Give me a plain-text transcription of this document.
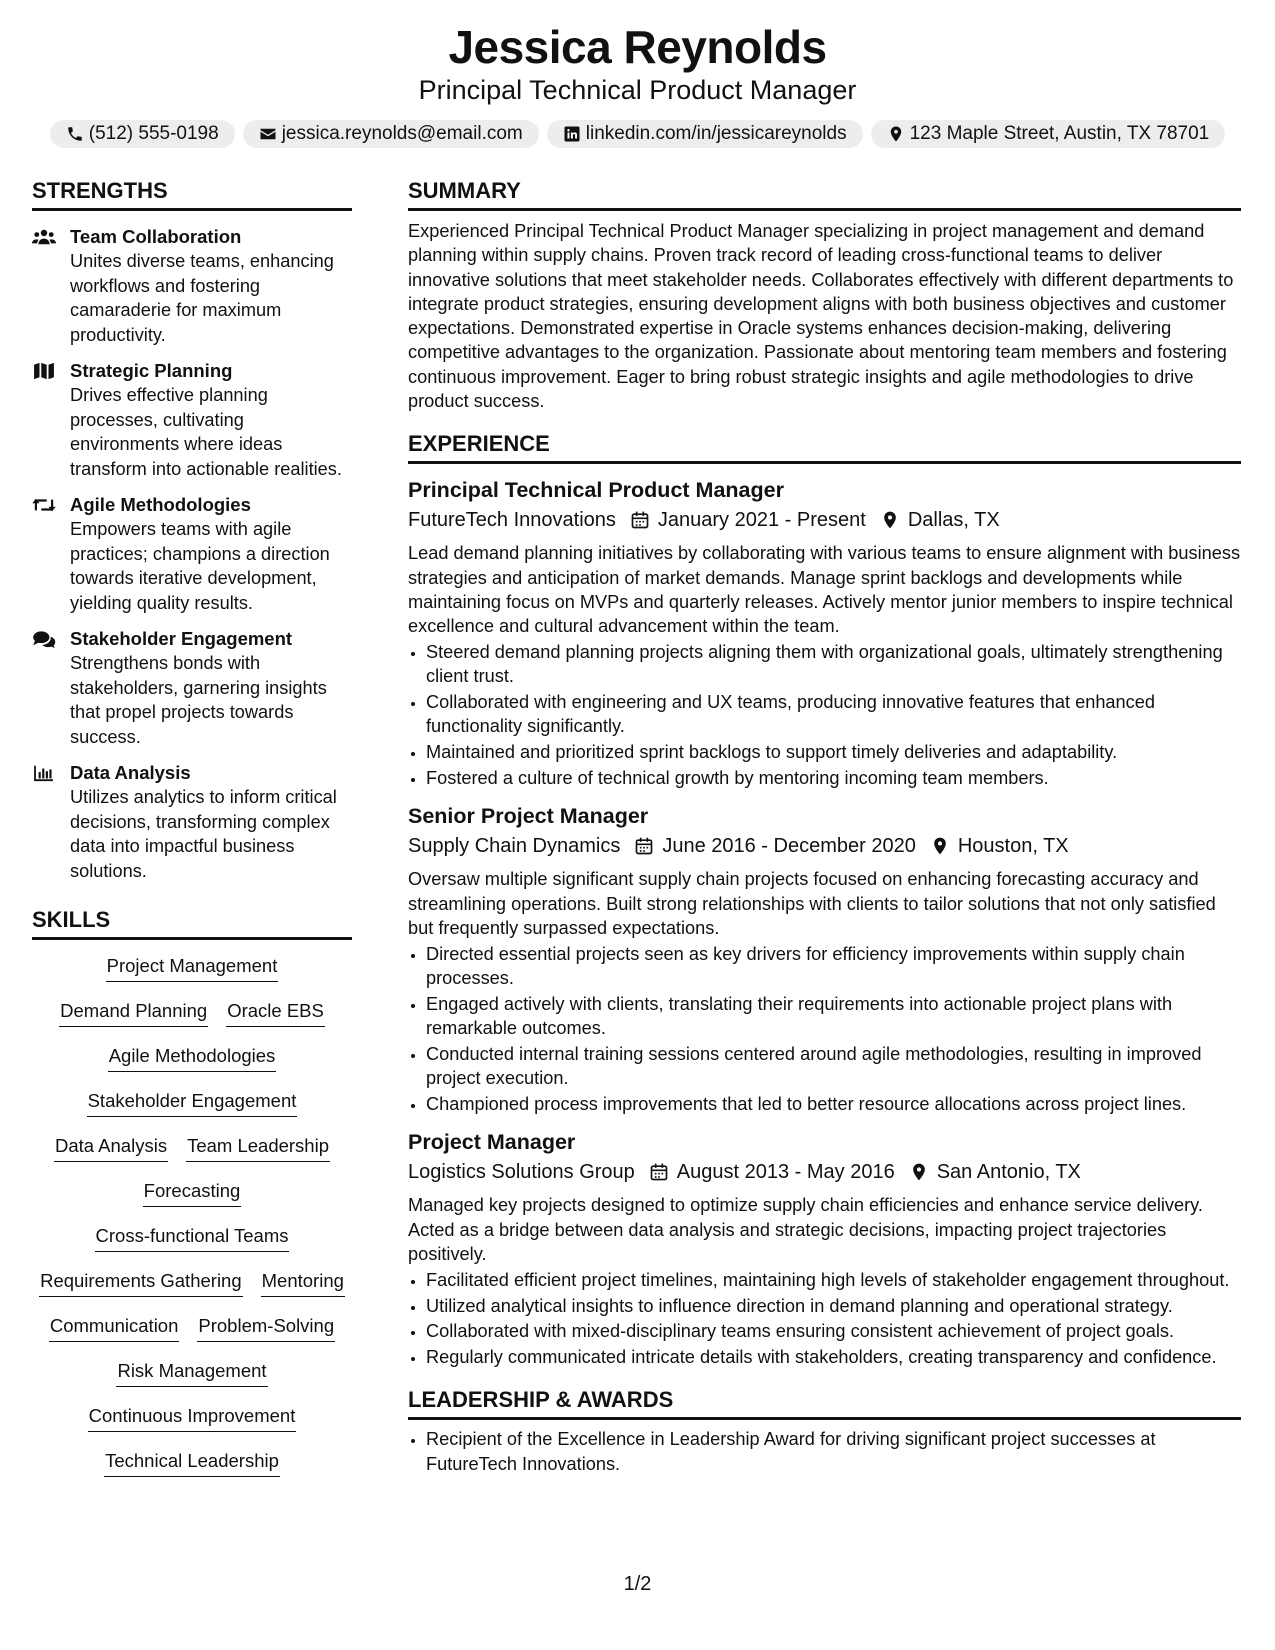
Jessica Reynolds
Principal Technical Product Manager
(512) 555-0198	jessica.reynolds@email.com	linkedin.com/in/jessicareynolds	123 Maple Street, Austin, TX 78701
STRENGTHS
Team Collaboration
Unites diverse teams, enhancing workflows and fostering camaraderie for maximum productivity.
Strategic Planning
Drives effective planning processes, cultivating environments where ideas transform into actionable realities.
Agile Methodologies
Empowers teams with agile practices; champions a direction towards iterative development, yielding quality results.
Stakeholder Engagement
Strengthens bonds with stakeholders, garnering insights that propel projects towards success.
Data Analysis
Utilizes analytics to inform critical decisions, transforming complex data into impactful business solutions.
SKILLS
Project Management
Demand Planning Oracle EBS
Agile Methodologies
Stakeholder Engagement
Data Analysis Team Leadership
Forecasting
Cross-functional Teams
Requirements Gathering Mentoring
Communication Problem-Solving
Risk Management
Continuous Improvement
Technical Leadership
SUMMARY
Experienced Principal Technical Product Manager specializing in project management and demand planning within supply chains. Proven track record of leading cross-functional teams to deliver innovative solutions that meet stakeholder needs. Collaborates effectively with different departments to integrate product strategies, ensuring development aligns with both business objectives and customer expectations. Demonstrated expertise in Oracle systems enhances decision-making, delivering competitive advantages to the organization. Passionate about mentoring team members and fostering continuous improvement. Eager to bring robust strategic insights and agile methodologies to drive product success.
EXPERIENCE
Principal Technical Product Manager
FutureTech Innovations January 2021 - Present Dallas, TX
Lead demand planning initiatives by collaborating with various teams to ensure alignment with business strategies and anticipation of market demands. Manage sprint backlogs and developments while maintaining focus on MVPs and quarterly releases. Actively mentor junior members to inspire technical excellence and cultural advancement within the team.
• Steered demand planning projects aligning them with organizational goals, ultimately strengthening client trust.
• Collaborated with engineering and UX teams, producing innovative features that enhanced functionality significantly.
• Maintained and prioritized sprint backlogs to support timely deliveries and adaptability.
• Fostered a culture of technical growth by mentoring incoming team members.
Senior Project Manager
Supply Chain Dynamics June 2016 - December 2020 Houston, TX
Oversaw multiple significant supply chain projects focused on enhancing forecasting accuracy and streamlining operations. Built strong relationships with clients to tailor solutions that not only satisfied but frequently surpassed expectations.
• Directed essential projects seen as key drivers for efficiency improvements within supply chain processes.
• Engaged actively with clients, translating their requirements into actionable project plans with remarkable outcomes.
• Conducted internal training sessions centered around agile methodologies, resulting in improved project execution.
• Championed process improvements that led to better resource allocations across project lines.
Project Manager
Logistics Solutions Group August 2013 - May 2016 San Antonio, TX
Managed key projects designed to optimize supply chain efficiencies and enhance service delivery. Acted as a bridge between data analysis and strategic decisions, impacting project trajectories positively.
• Facilitated efficient project timelines, maintaining high levels of stakeholder engagement throughout.
• Utilized analytical insights to influence direction in demand planning and operational strategy.
• Collaborated with mixed-disciplinary teams ensuring consistent achievement of project goals.
• Regularly communicated intricate details with stakeholders, creating transparency and confidence.
LEADERSHIP & AWARDS
• Recipient of the Excellence in Leadership Award for driving significant project successes at FutureTech Innovations.
1/2
